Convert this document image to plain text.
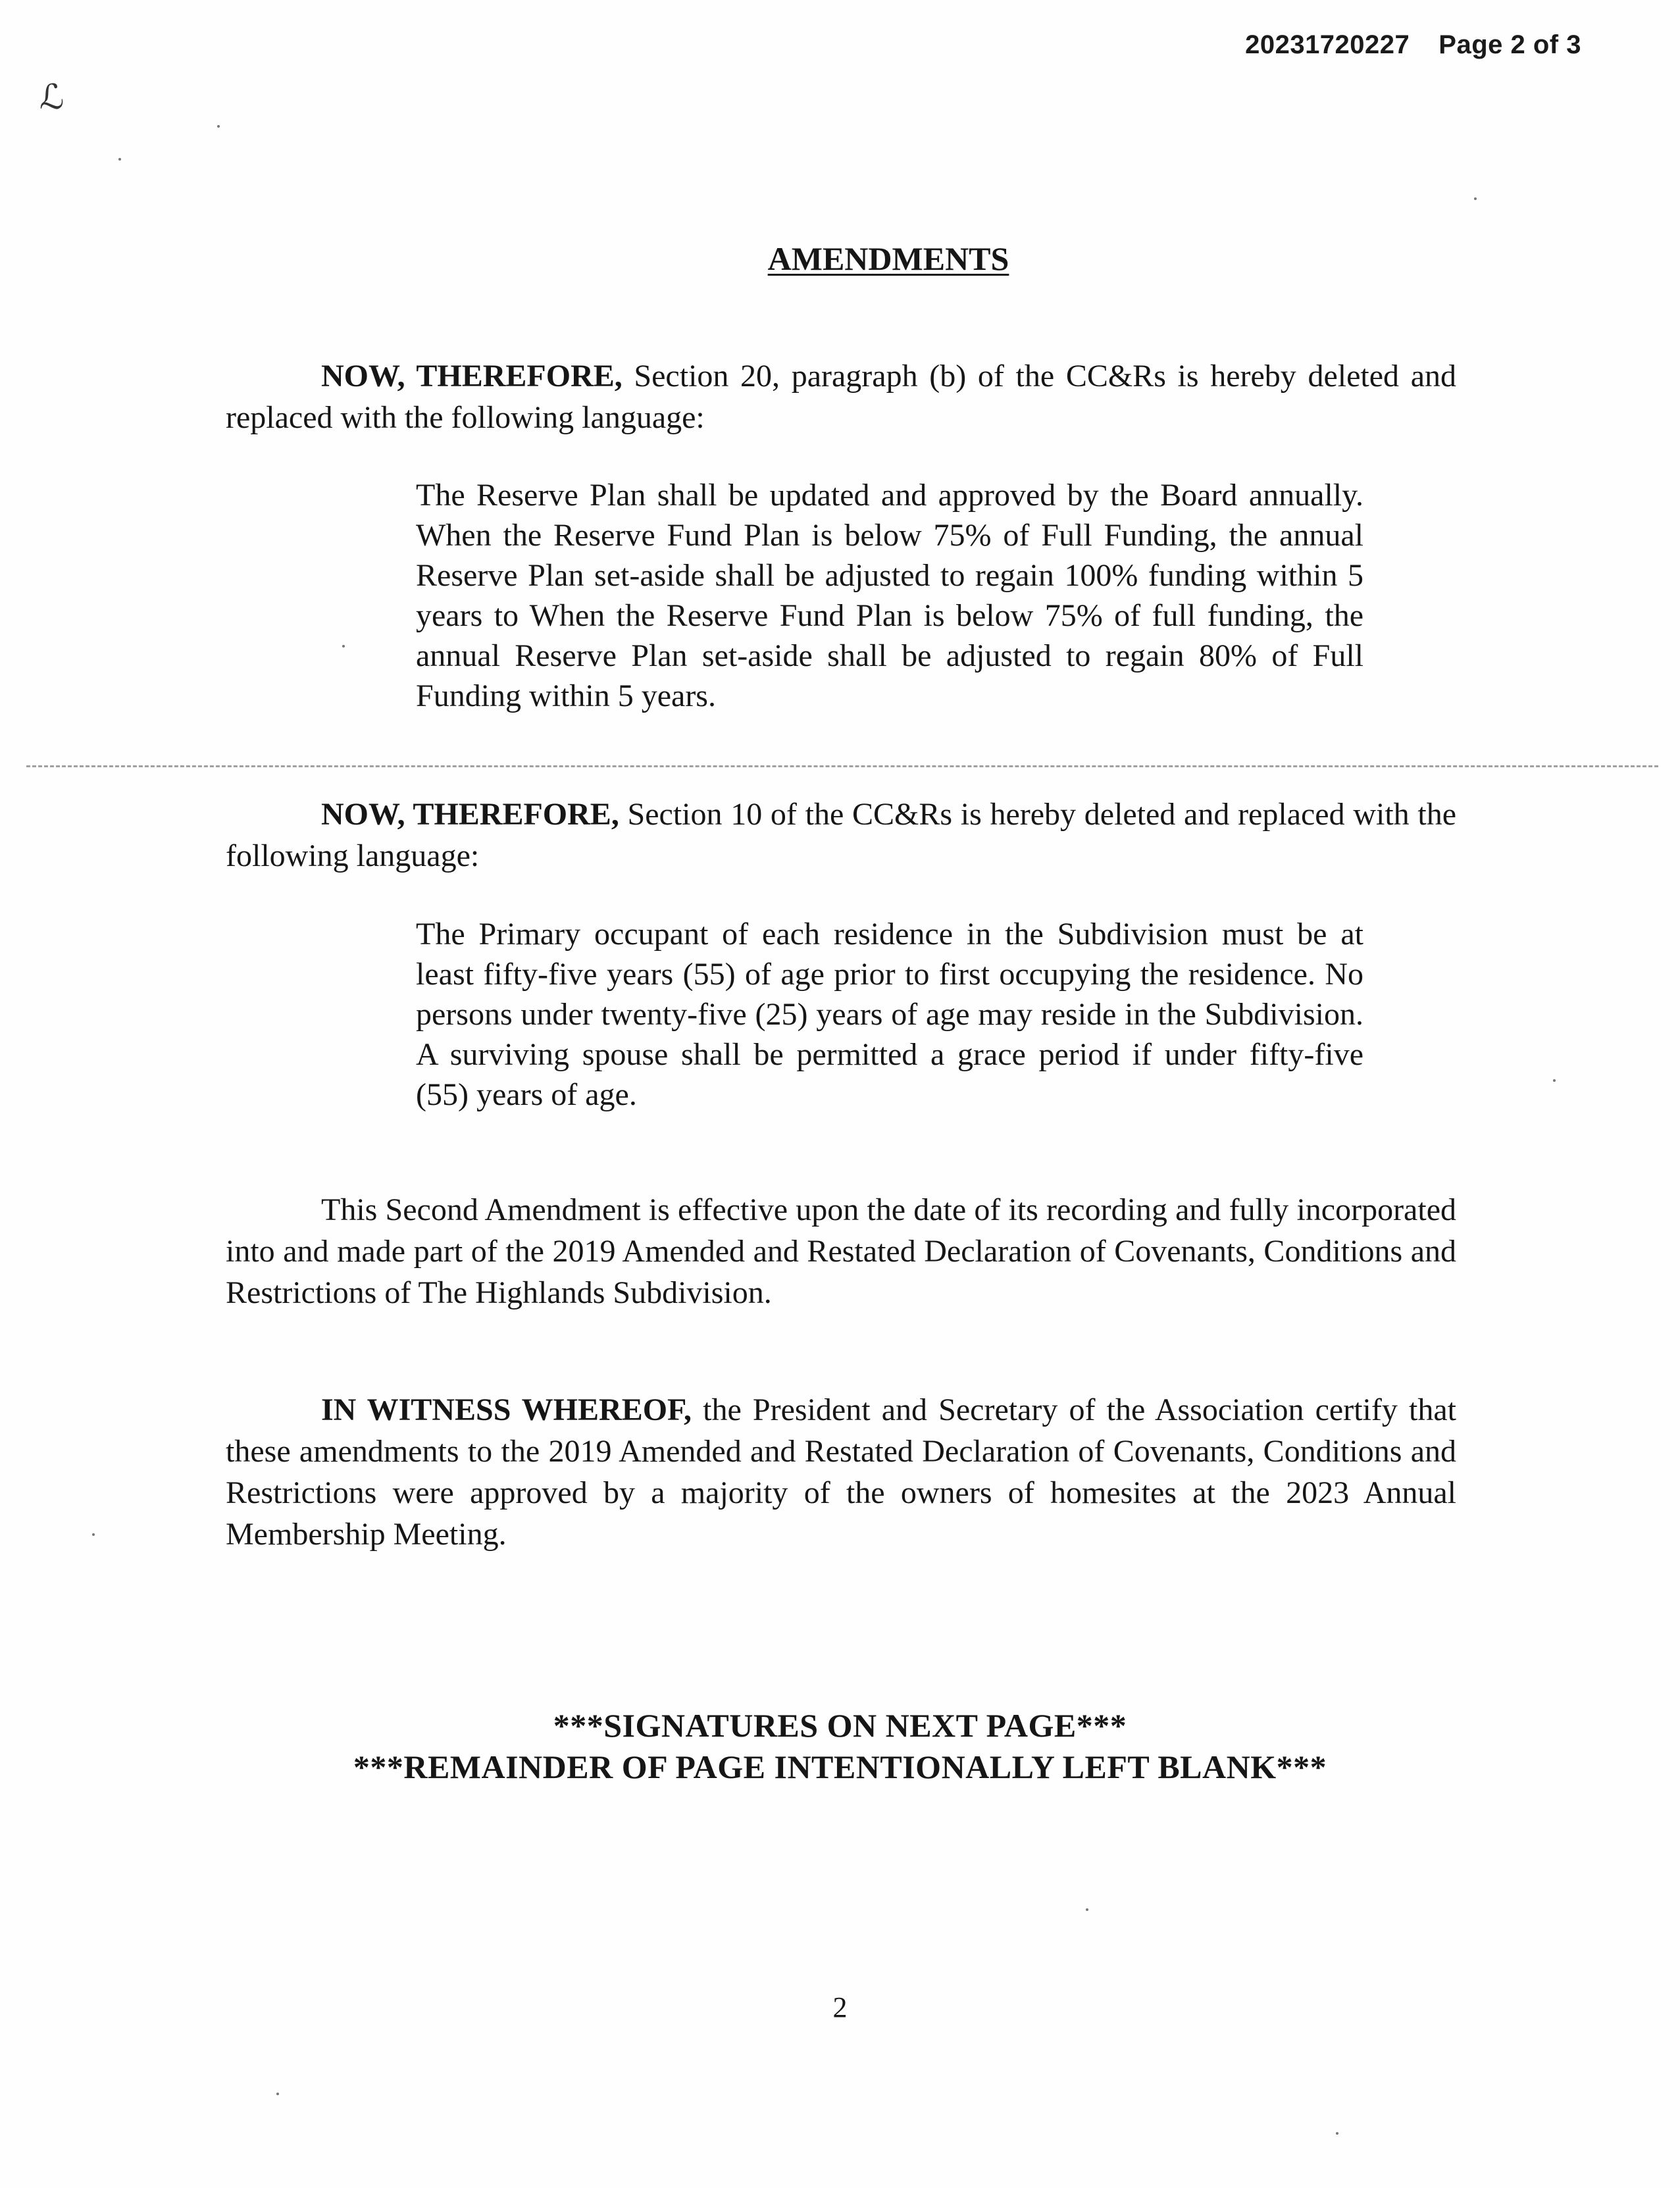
ℒ
20231720227 Page 2 of 3
AMENDMENTS

NOW, THEREFORE, Section 20, paragraph (b) of the CC&Rs is hereby deleted and replaced with the following language:

The Reserve Plan shall be updated and approved by the Board annually. When the Reserve Fund Plan is below 75% of Full Funding, the annual Reserve Plan set-aside shall be adjusted to regain 100% funding within 5 years to When the Reserve Fund Plan is below 75% of full funding, the annual Reserve Plan set-aside shall be adjusted to regain 80% of Full Funding within 5 years.

NOW, THEREFORE, Section 10 of the CC&Rs is hereby deleted and replaced with the following language:

The Primary occupant of each residence in the Subdivision must be at least fifty-five years (55) of age prior to first occupying the residence. No persons under twenty-five (25) years of age may reside in the Subdivision. A surviving spouse shall be permitted a grace period if under fifty-five (55) years of age.

This Second Amendment is effective upon the date of its recording and fully incorporated into and made part of the 2019 Amended and Restated Declaration of Covenants, Conditions and Restrictions of The Highlands Subdivision.

IN WITNESS WHEREOF, the President and Secretary of the Association certify that these amendments to the 2019 Amended and Restated Declaration of Covenants, Conditions and Restrictions were approved by a majority of the owners of homesites at the 2023 Annual Membership Meeting.

***SIGNATURES ON NEXT PAGE***
***REMAINDER OF PAGE INTENTIONALLY LEFT BLANK***
2
